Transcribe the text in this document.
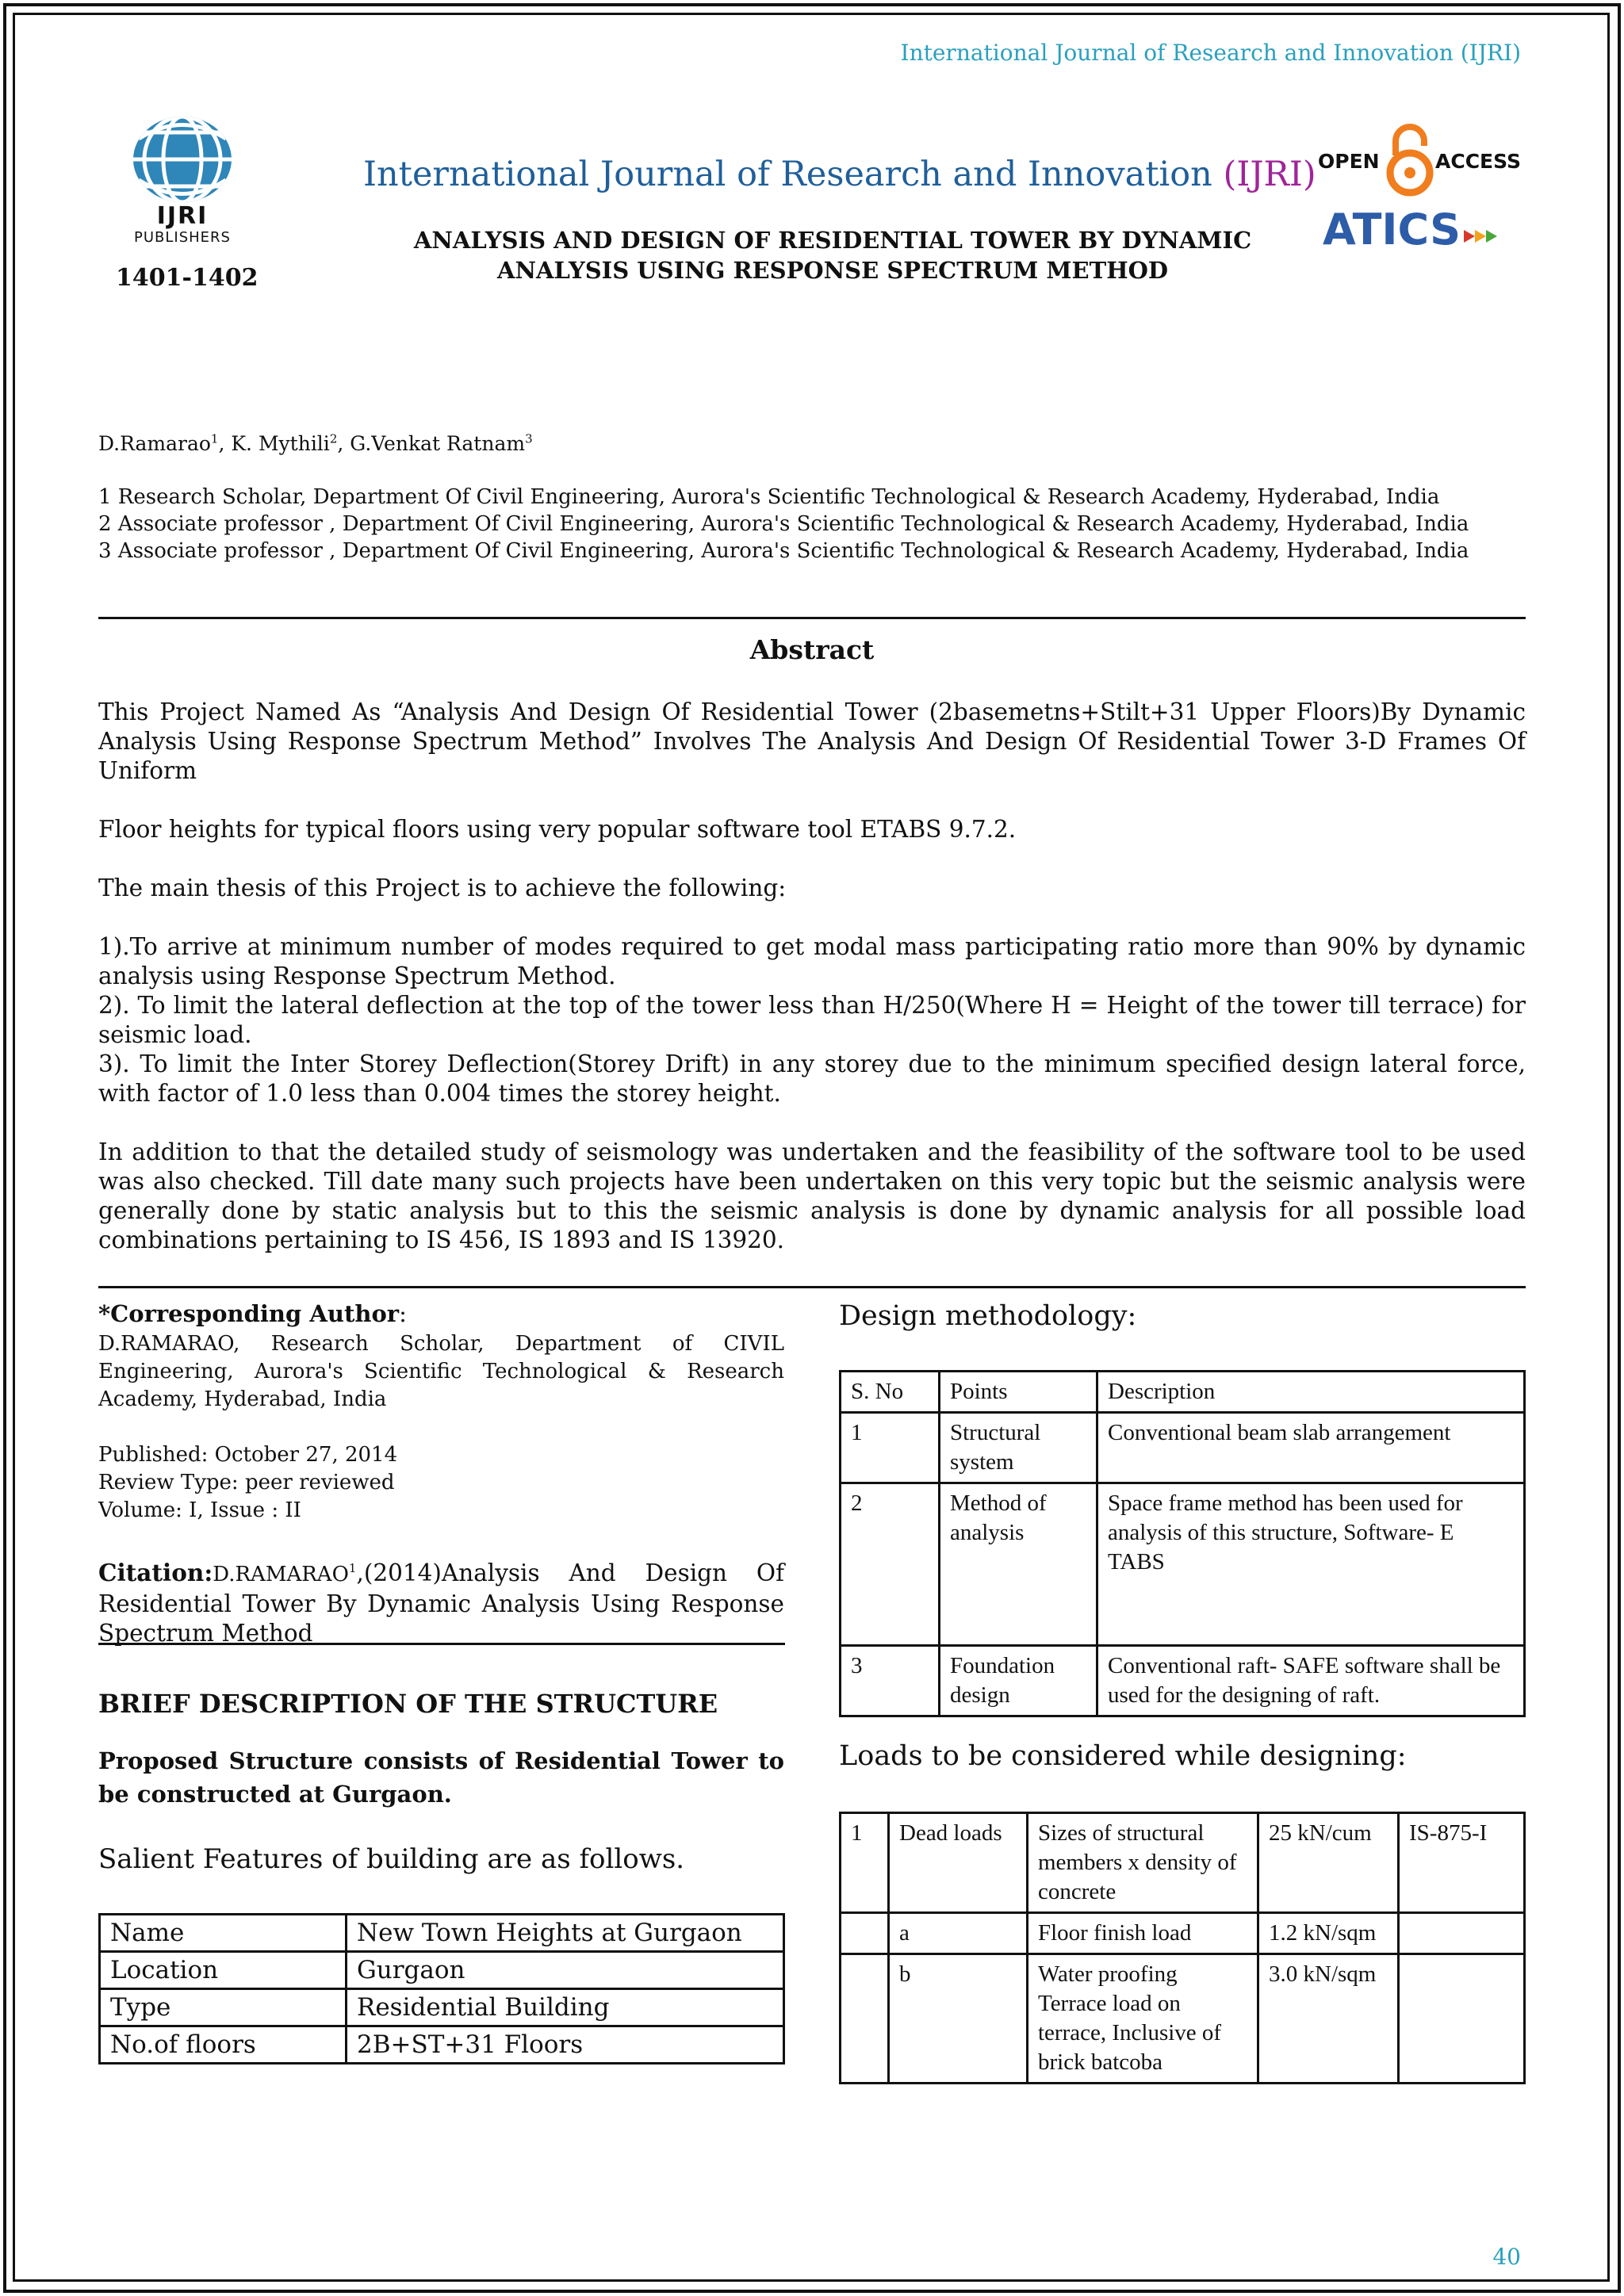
International Journal of Research and Innovation (IJRI)
IJRI
PUBLISHERS
1401-1402
International Journal of Research and Innovation (IJRI)
ANALYSIS AND DESIGN OF RESIDENTIAL TOWER BY DYNAMIC ANALYSIS USING RESPONSE SPECTRUM METHOD
OPEN	ACCESS
ATICS
D.Ramarao$^1$, K. Mythili$^2$, G.Venkat Ratnam$^3$
1 Research Scholar, Department Of Civil Engineering, Aurora's Scientific Technological & Research Academy, Hyderabad, India
2 Associate professor , Department Of Civil Engineering, Aurora's Scientific Technological & Research Academy, Hyderabad, India
3 Associate professor , Department Of Civil Engineering, Aurora's Scientific Technological & Research Academy, Hyderabad, India
Abstract

This Project Named As “Analysis And Design Of Residential Tower (2basemetns+Stilt+31 Upper Floors)By Dynamic Analysis Using Response Spectrum Method” Involves The Analysis And Design Of Residential Tower 3-D Frames Of Uniform

Floor heights for typical floors using very popular software tool ETABS 9.7.2.

The main thesis of this Project is to achieve the following:

1).To arrive at minimum number of modes required to get modal mass participating ratio more than 90% by dynamic analysis using Response Spectrum Method.
2). To limit the lateral deflection at the top of the tower less than H/250(Where H = Height of the tower till terrace) for seismic load.
3). To limit the Inter Storey Deflection(Storey Drift) in any storey due to the minimum specified design lateral force, with factor of 1.0 less than 0.004 times the storey height.

In addition to that the detailed study of seismology was undertaken and the feasibility of the software tool to be used was also checked. Till date many such projects have been undertaken on this very topic but the seismic analysis were generally done by static analysis but to this the seismic analysis is done by dynamic analysis for all possible load combinations pertaining to IS 456, IS 1893 and IS 13920.

*Corresponding Author:
D.RAMARAO, Research Scholar, Department of CIVIL Engineering, Aurora's Scientific Technological & Research Academy, Hyderabad, India
Published: October 27, 2014
Review Type: peer reviewed
Volume: I, Issue : II
Citation:D.RAMARAO$^1$,(2014)Analysis And Design Of Residential Tower By Dynamic Analysis Using Response Spectrum Method
BRIEF DESCRIPTION OF THE STRUCTURE
Proposed Structure consists of Residential Tower to be constructed at Gurgaon.
Salient Features of building are as follows.
Name	New Town Heights at Gurgaon
Location	Gurgaon
Type	Residential Building
No.of floors	2B+ST+31 Floors
Design methodology:
S. No	Points	Description
1	Structural system	Conventional beam slab arrangement
2	Method of analysis	Space frame method has been used for analysis of this structure, Software- E TABS
3	Foundation design	Conventional raft- SAFE software shall be used for the designing of raft.
Loads to be considered while designing:
1	Dead loads	Sizes of structural members x density of concrete	25 kN/cum	IS-875-I
	a	Floor finish load	1.2 kN/sqm	
	b	Water proofing Terrace load on terrace, Inclusive of brick batcoba	3.0 kN/sqm	
40
